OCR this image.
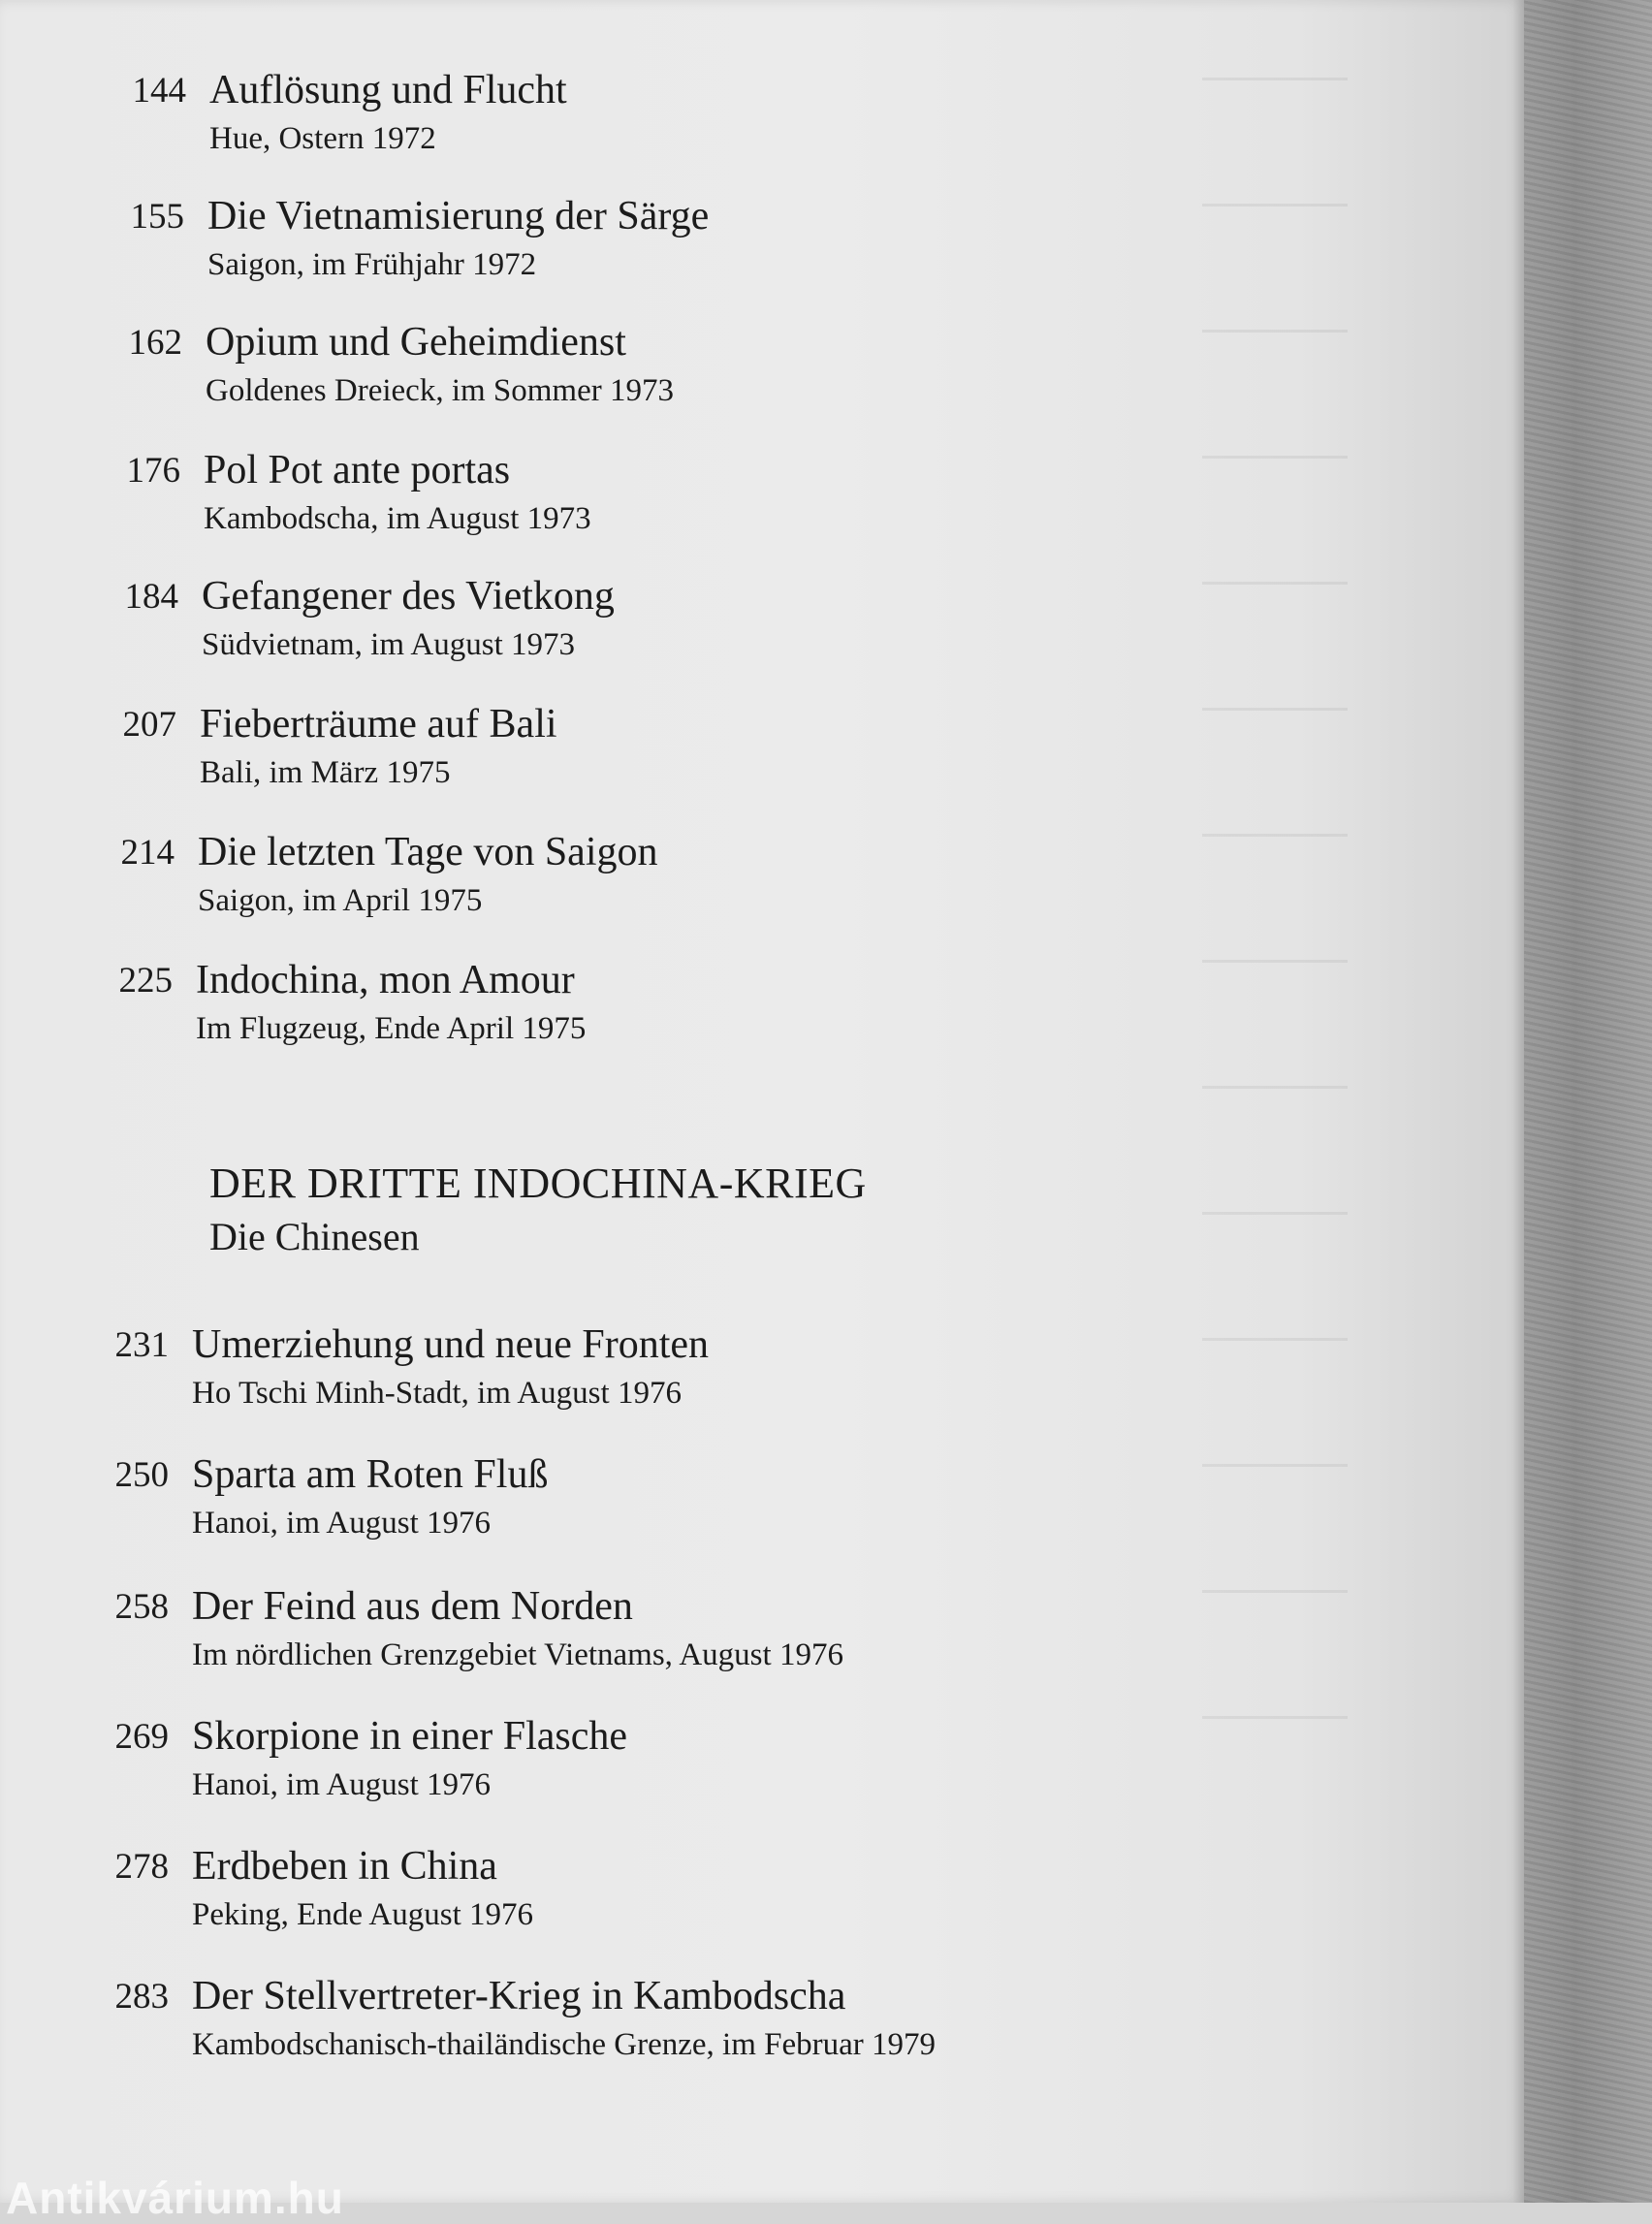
144 Auflösung und Flucht
Hue, Ostern 1972
155 Die Vietnamisierung der Särge
Saigon, im Frühjahr 1972
162 Opium und Geheimdienst
Goldenes Dreieck, im Sommer 1973
176 Pol Pot ante portas
Kambodscha, im August 1973
184 Gefangener des Vietkong
Südvietnam, im August 1973
207 Fieberträume auf Bali
Bali, im März 1975
214 Die letzten Tage von Saigon
Saigon, im April 1975
225 Indochina, mon Amour
Im Flugzeug, Ende April 1975
DER DRITTE INDOCHINA-KRIEG
Die Chinesen
231 Umerziehung und neue Fronten
Ho Tschi Minh-Stadt, im August 1976
250 Sparta am Roten Fluß
Hanoi, im August 1976
258 Der Feind aus dem Norden
Im nördlichen Grenzgebiet Vietnams, August 1976
269 Skorpione in einer Flasche
Hanoi, im August 1976
278 Erdbeben in China
Peking, Ende August 1976
283 Der Stellvertreter-Krieg in Kambodscha
Kambodschanisch-thailändische Grenze, im Februar 1979
Antikvárium.hu
